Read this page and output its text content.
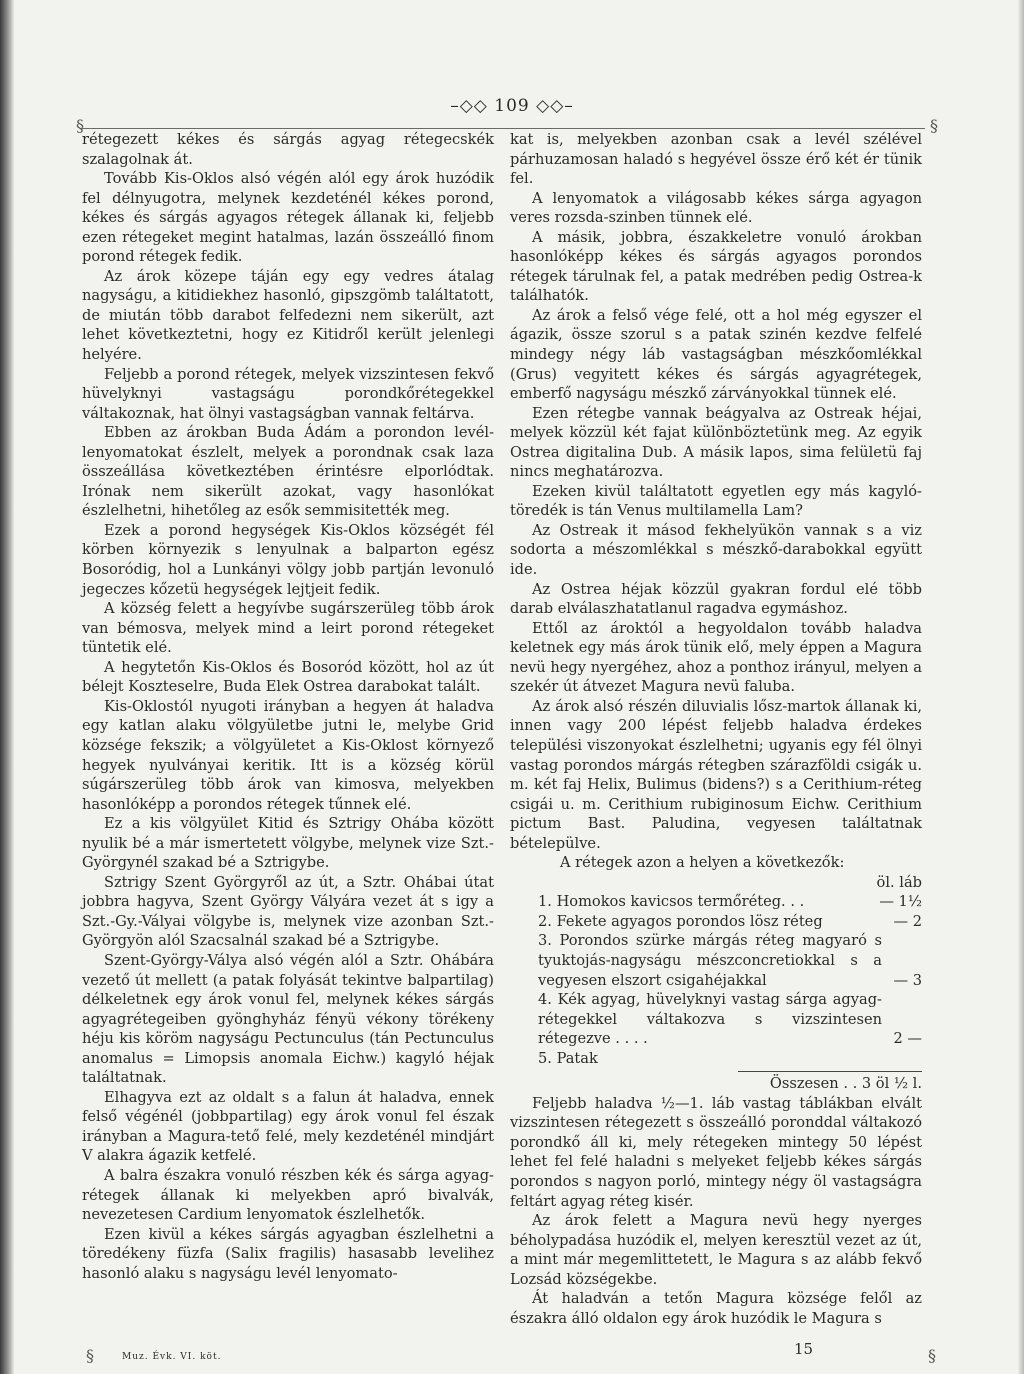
–◇◇ 109 ◇◇–
§	§

rétegezett kékes és sárgás agyag rétegecskék szalagolnak át.

Tovább Kis-Oklos alsó végén alól egy árok huzódik fel délnyugotra, melynek kezdeténél kékes porond, kékes és sárgás agyagos rétegek állanak ki, feljebb ezen rétegeket megint hatalmas, lazán összeálló finom porond rétegek fedik.

Az árok közepe táján egy egy vedres átalag nagyságu, a kitidiekhez hasonló, gipszgömb találtatott, de miután több darabot felfedezni nem sikerült, azt lehet következtetni, hogy ez Kitidről került jelenlegi helyére.

Feljebb a porond rétegek, melyek vizszintesen fekvő hüvelyknyi vastagságu porondkőrétegekkel váltakoznak, hat ölnyi vastagságban vannak feltárva.

Ebben az árokban Buda Ádám a porondon levél-lenyomatokat észlelt, melyek a porondnak csak laza összeállása következtében érintésre elporlódtak. Irónak nem sikerült azokat, vagy hasonlókat észlelhetni, hihetőleg az esők semmisitették meg.

Ezek a porond hegységek Kis-Oklos községét fél körben környezik s lenyulnak a balparton egész Bosoródig, hol a Lunkányi völgy jobb partján levonuló jegeczes kőzetü hegységek lejtjeit fedik.

A község felett a hegyívbe sugárszerüleg több árok van bémosva, melyek mind a leirt porond rétegeket tüntetik elé.

A hegytetőn Kis-Oklos és Bosoród között, hol az út bélejt Koszteselre, Buda Elek Ostrea darabokat talált.

Kis-Oklostól nyugoti irányban a hegyen át haladva egy katlan alaku völgyületbe jutni le, melybe Grid községe fekszik; a völgyületet a Kis-Oklost környező hegyek nyulványai keritik. Itt is a község körül súgárszerüleg több árok van kimosva, melyekben hasonlóképp a porondos rétegek tűnnek elé.

Ez a kis völgyület Kitid és Sztrigy Ohába között nyulik bé a már ismertetett völgybe, melynek vize Szt.-Györgynél szakad bé a Sztrigybe.

Sztrigy Szent Györgyről az út, a Sztr. Ohábai útat jobbra hagyva, Szent György Vályára vezet át s igy a Szt.-Gy.-Vályai völgybe is, melynek vize azonban Szt.-Györgyön alól Szacsalnál szakad bé a Sztrigybe.

Szent-György-Válya alsó végén alól a Sztr. Ohábára vezető út mellett (a patak folyását tekintve balpartilag) délkeletnek egy árok vonul fel, melynek kékes sárgás agyagrétegeiben gyönghyház fényü vékony törékeny héju kis köröm nagyságu Pectunculus (tán Pectunculus anomalus = Limopsis anomala Eichw.) kagyló héjak találtatnak.

Elhagyva ezt az oldalt s a falun át haladva, ennek felső végénél (jobbpartilag) egy árok vonul fel észak irányban a Magura-tető felé, mely kezdeténél mindjárt V alakra ágazik ketfelé.

A balra északra vonuló részben kék és sárga agyag-rétegek állanak ki melyekben apró bivalvák, nevezetesen Cardium lenyomatok észlelhetők.

Ezen kivül a kékes sárgás agyagban észlelhetni a töredékeny füzfa (Salix fragilis) hasasabb levelihez hasonló alaku s nagyságu levél lenyomato-

kat is, melyekben azonban csak a levél szélével párhuzamosan haladó s hegyével össze érő két ér tünik fel.

A lenyomatok a világosabb kékes sárga agyagon veres rozsda-szinben tünnek elé.

A másik, jobbra, északkeletre vonuló árokban hasonlóképp kékes és sárgás agyagos porondos rétegek tárulnak fel, a patak medrében pedig Ostrea-k találhatók.

Az árok a felső vége felé, ott a hol még egyszer el ágazik, össze szorul s a patak szinén kezdve felfelé mindegy négy láb vastagságban mészkőomlékkal (Grus) vegyitett kékes és sárgás agyagrétegek, emberfő nagyságu mészkő zárványokkal tünnek elé.

Ezen rétegbe vannak beágyalva az Ostreak héjai, melyek közzül két fajat különböztetünk meg. Az egyik Ostrea digitalina Dub. A másik lapos, sima felületü faj nincs meghatározva.

Ezeken kivül találtatott egyetlen egy más kagyló-töredék is tán Venus multilamella Lam?

Az Ostreak it másod fekhelyükön vannak s a viz sodorta a mészomlékkal s mészkő-darabokkal együtt ide.

Az Ostrea héjak közzül gyakran fordul elé több darab elválaszhatatlanul ragadva egymáshoz.

Ettől az ároktól a hegyoldalon tovább haladva keletnek egy más árok tünik elő, mely éppen a Magura nevü hegy nyergéhez, ahoz a ponthoz irányul, melyen a szekér út átvezet Magura nevü faluba.

Az árok alsó részén diluvialis lősz-martok állanak ki, innen vagy 200 lépést feljebb haladva érdekes települési viszonyokat észlelhetni; ugyanis egy fél ölnyi vastag porondos márgás rétegben szárazföldi csigák u. m. két faj Helix, Bulimus (bidens?) s a Cerithium-réteg csigái u. m. Cerithium rubiginosum Eichw. Cerithium pictum Bast. Paludina, vegyesen találtatnak bételepülve.

A rétegek azon a helyen a következők:

öl. láb

1. Homokos kavicsos termőréteg. . .	— 1½
2. Fekete agyagos porondos lösz réteg	— 2
3. Porondos szürke márgás réteg magyaró s tyuktojás-nagyságu mészconcretiokkal s a vegyesen elszort csigahéjakkal	— 3
4. Kék agyag, hüvelyknyi vastag sárga agyag-rétegekkel váltakozva s vizszintesen rétegezve . . . .	2 —
5. Patak

Összesen . . 3 öl ½ l.

Feljebb haladva ½—1. láb vastag táblákban elvált vizszintesen rétegezett s összeálló poronddal váltakozó porondkő áll ki, mely rétegeken mintegy 50 lépést lehet fel felé haladni s melyeket feljebb kékes sárgás porondos s nagyon porló, mintegy négy öl vastagságra feltárt agyag réteg kisér.

Az árok felett a Magura nevü hegy nyerges béholypadása huzódik el, melyen keresztül vezet az út, a mint már megemlittetett, le Magura s az alább fekvő Lozsád községekbe.

Át haladván a tetőn Magura községe felől az északra álló oldalon egy árok huzódik le Magura s

Muz. Évk. VI. köt.	15
§	§
